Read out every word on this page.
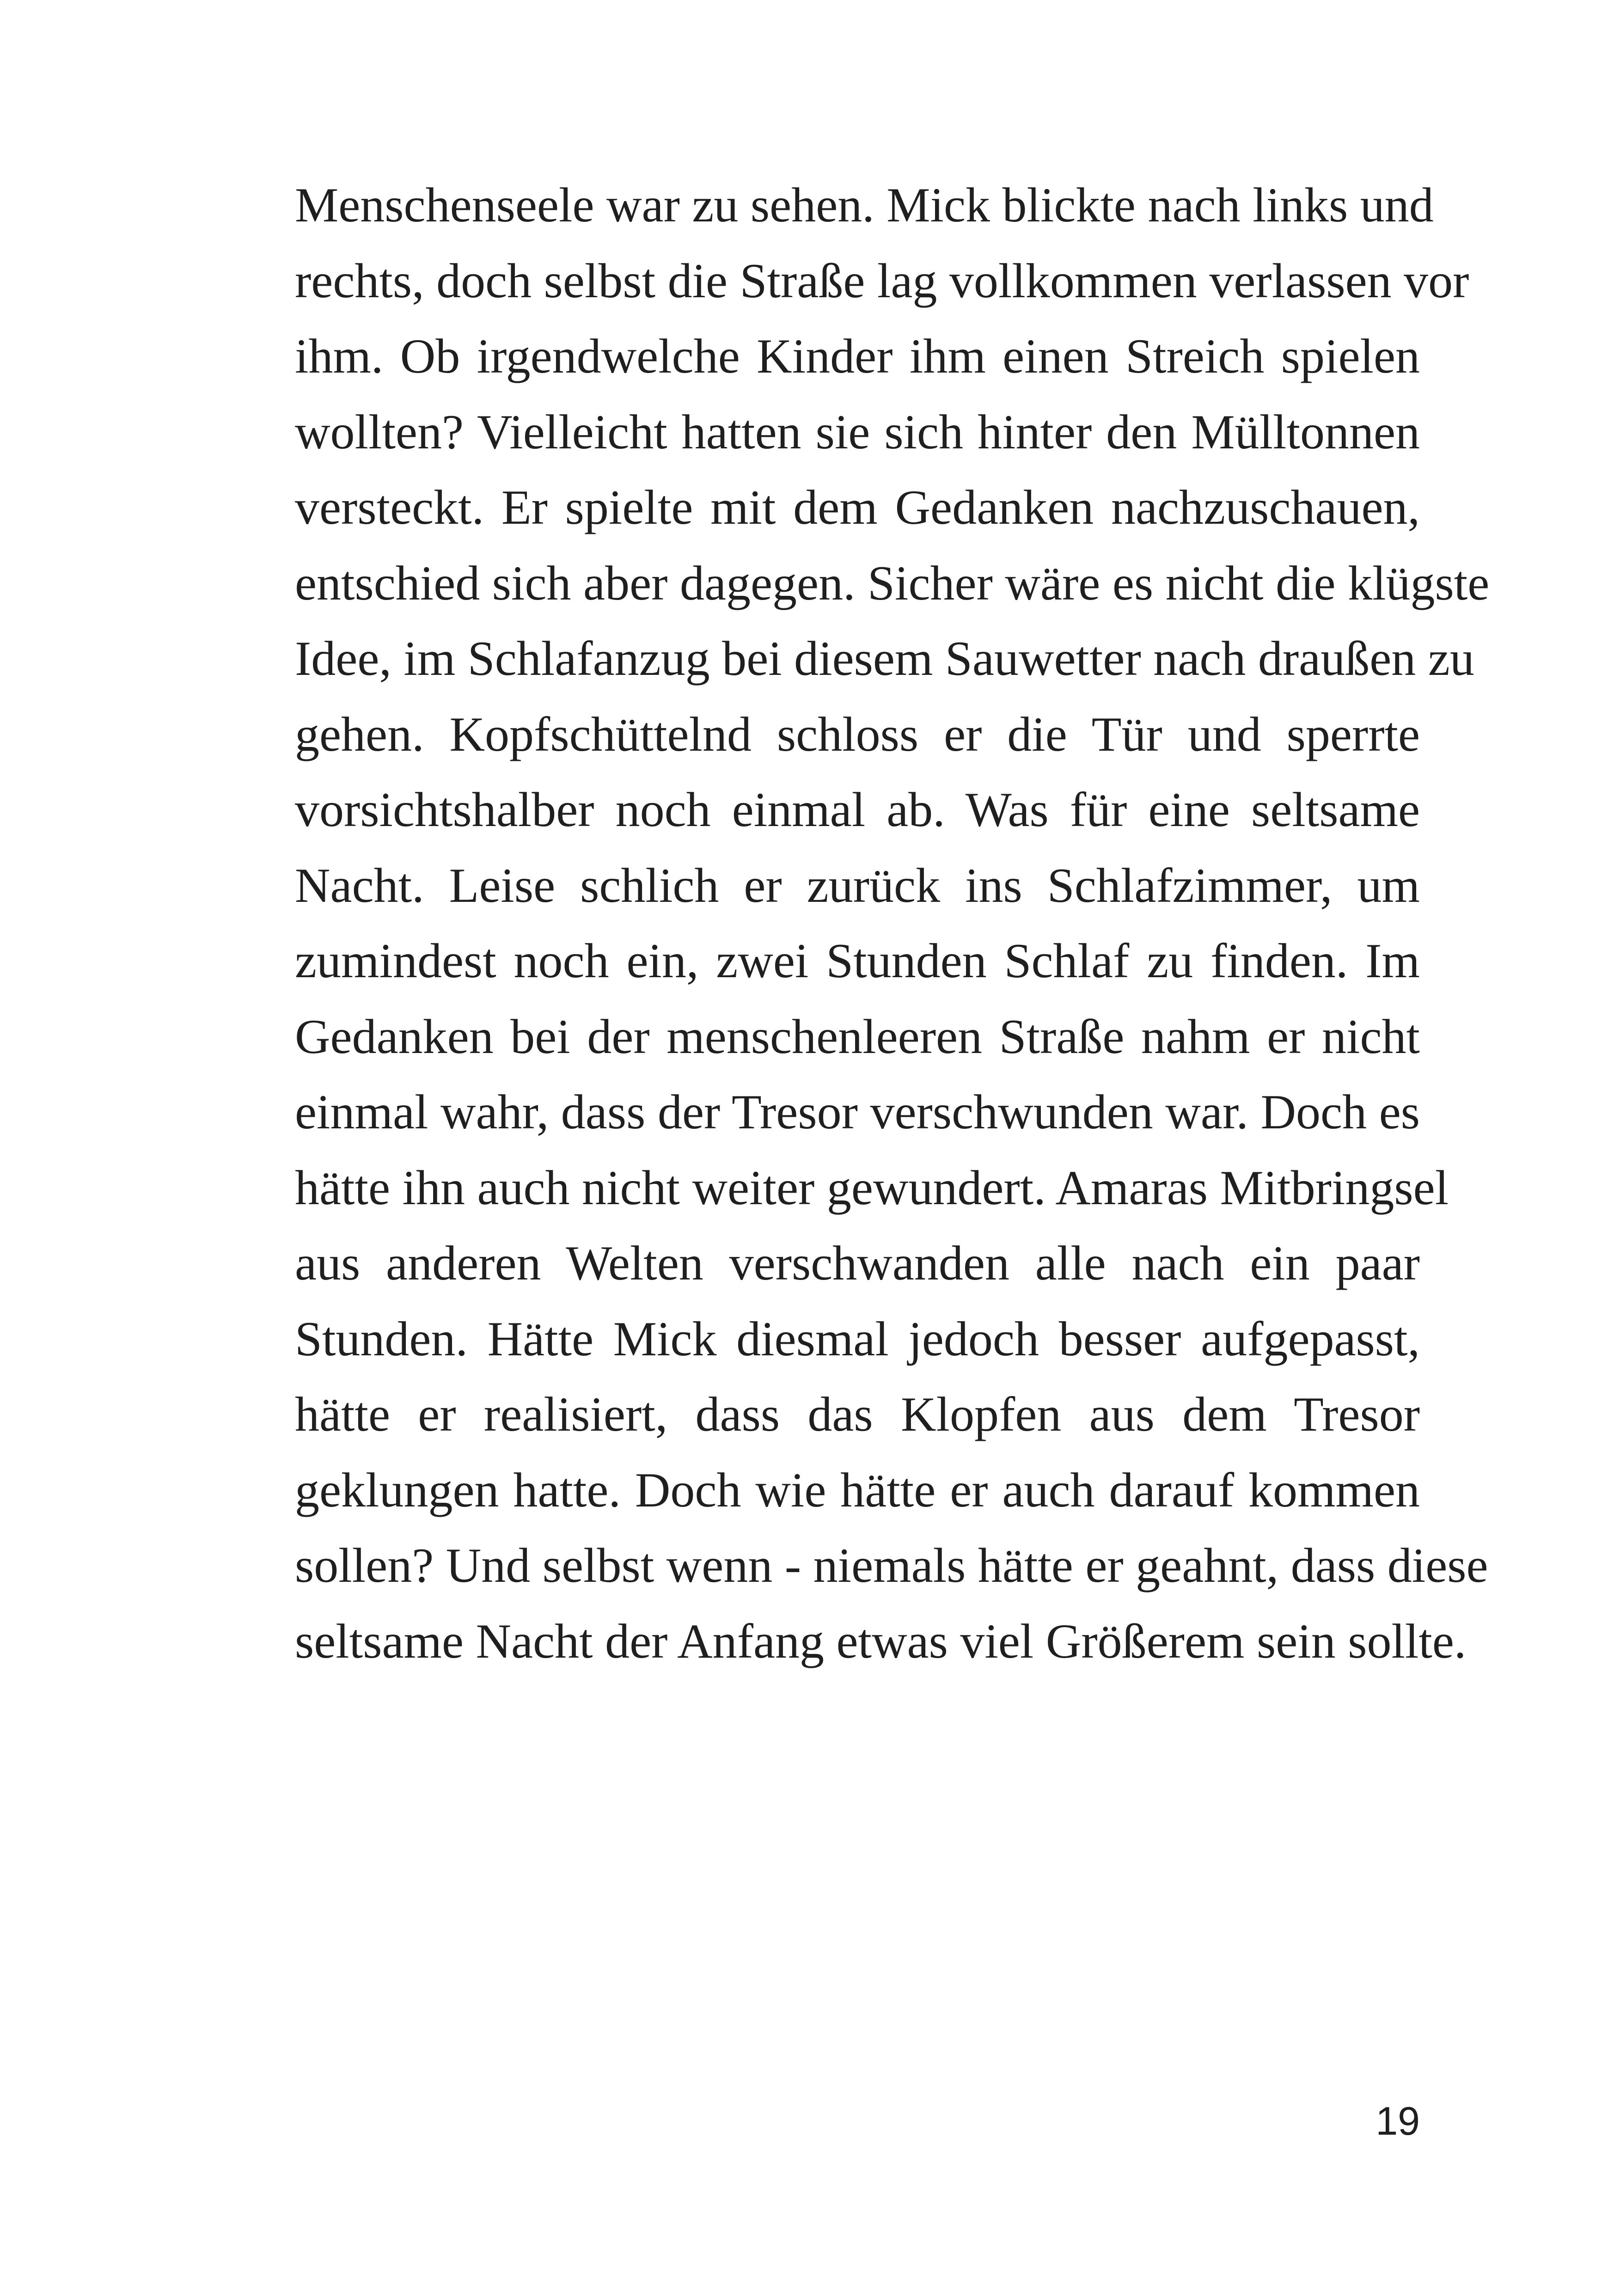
Menschenseele war zu sehen. Mick blickte nach links und
rechts, doch selbst die Straße lag vollkommen verlassen vor
ihm. Ob irgendwelche Kinder ihm einen Streich spielen
wollten? Vielleicht hatten sie sich hinter den Mülltonnen
versteckt. Er spielte mit dem Gedanken nachzuschauen,
entschied sich aber dagegen. Sicher wäre es nicht die klügste
Idee, im Schlafanzug bei diesem Sauwetter nach draußen zu
gehen. Kopfschüttelnd schloss er die Tür und sperrte
vorsichtshalber noch einmal ab. Was für eine seltsame
Nacht. Leise schlich er zurück ins Schlafzimmer, um
zumindest noch ein, zwei Stunden Schlaf zu finden. Im
Gedanken bei der menschenleeren Straße nahm er nicht
einmal wahr, dass der Tresor verschwunden war. Doch es
hätte ihn auch nicht weiter gewundert. Amaras Mitbringsel
aus anderen Welten verschwanden alle nach ein paar
Stunden. Hätte Mick diesmal jedoch besser aufgepasst,
hätte er realisiert, dass das Klopfen aus dem Tresor
geklungen hatte. Doch wie hätte er auch darauf kommen
sollen? Und selbst wenn - niemals hätte er geahnt, dass diese
seltsame Nacht der Anfang etwas viel Größerem sein sollte.
19
